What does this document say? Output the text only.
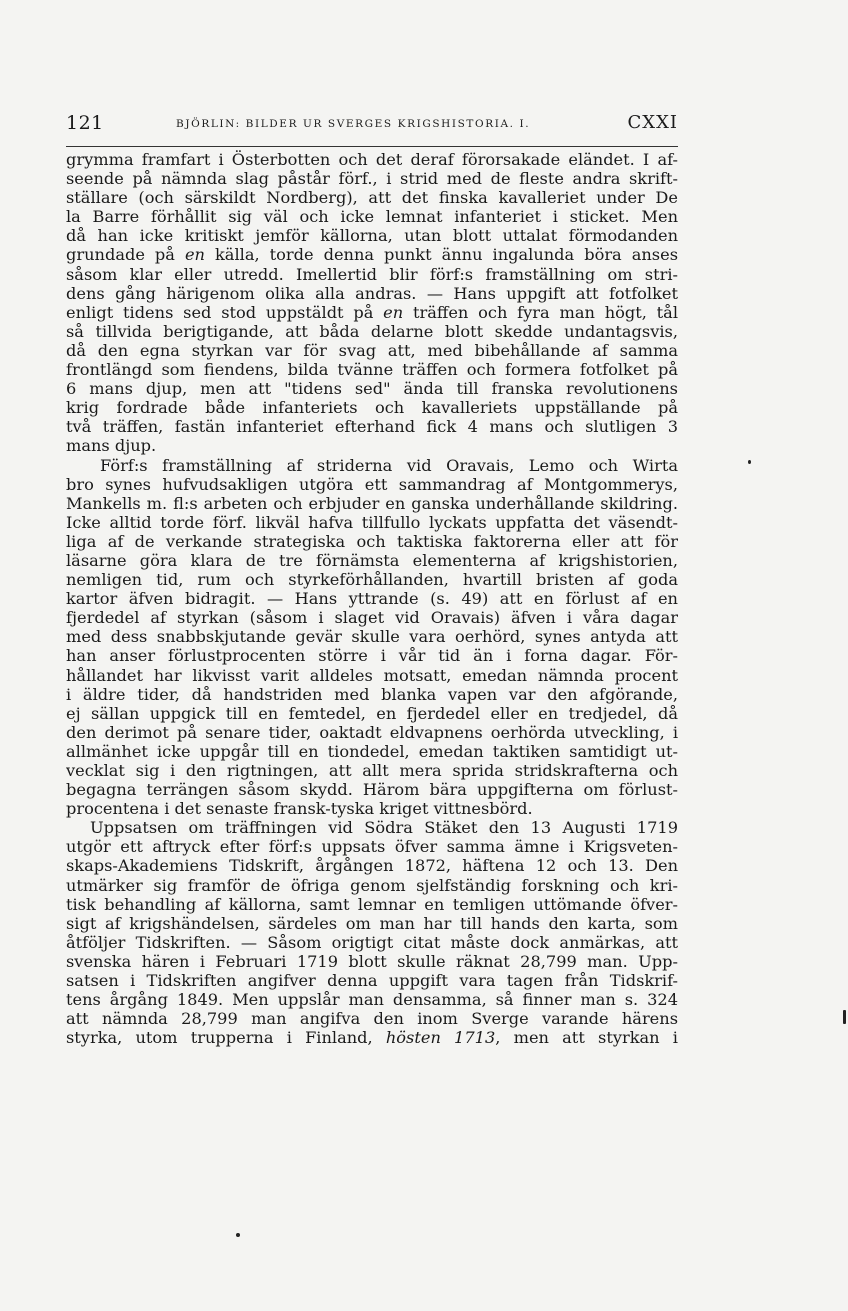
121	BJÖRLIN: BILDER UR SVERGES KRIGSHISTORIA. I.	CXXI
grymma framfart i Österbotten och det deraf förorsakade eländet. I af-
seende på nämnda slag påstår förf., i strid med de fleste andra skrift-
ställare (och särskildt Nordberg), att det finska kavalleriet under De
la Barre förhållit sig väl och icke lemnat infanteriet i sticket. Men
då han icke kritiskt jemför källorna, utan blott uttalat förmodanden
grundade på en källa, torde denna punkt ännu ingalunda böra anses
såsom klar eller utredd. Imellertid blir förf:s framställning om stri-
dens gång härigenom olika alla andras. — Hans uppgift att fotfolket
enligt tidens sed stod uppstäldt på en träffen och fyra man högt, tål
så tillvida berigtigande, att båda delarne blott skedde undantagsvis,
då den egna styrkan var för svag att, med bibehållande af samma
frontlängd som fiendens, bilda tvänne träffen och formera fotfolket på
6 mans djup, men att "tidens sed" ända till franska revolutionens
krig fordrade både infanteriets och kavalleriets uppställande på
två träffen, fastän infanteriet efterhand fick 4 mans och slutligen 3
mans djup.
Förf:s framställning af striderna vid Oravais, Lemo och Wirta
bro synes hufvudsakligen utgöra ett sammandrag af Montgommerys,
Mankells m. fl:s arbeten och erbjuder en ganska underhållande skildring.
Icke alltid torde förf. likväl hafva tillfullo lyckats uppfatta det väsendt-
liga af de verkande strategiska och taktiska faktorerna eller att för
läsarne göra klara de tre förnämsta elementerna af krigshistorien,
nemligen tid, rum och styrkeförhållanden, hvartill bristen af goda
kartor äfven bidragit. — Hans yttrande (s. 49) att en förlust af en
fjerdedel af styrkan (såsom i slaget vid Oravais) äfven i våra dagar
med dess snabbskjutande gevär skulle vara oerhörd, synes antyda att
han anser förlustprocenten större i vår tid än i forna dagar. För-
hållandet har likvisst varit alldeles motsatt, emedan nämnda procent
i äldre tider, då handstriden med blanka vapen var den afgörande,
ej sällan uppgick till en femtedel, en fjerdedel eller en tredjedel, då
den derimot på senare tider, oaktadt eldvapnens oerhörda utveckling, i
allmänhet icke uppgår till en tiondedel, emedan taktiken samtidigt ut-
vecklat sig i den rigtningen, att allt mera sprida stridskrafterna och
begagna terrängen såsom skydd. Härom bära uppgifterna om förlust-
procentena i det senaste fransk-tyska kriget vittnesbörd.
Uppsatsen om träffningen vid Södra Stäket den 13 Augusti 1719
utgör ett aftryck efter förf:s uppsats öfver samma ämne i Krigsveten-
skaps-Akademiens Tidskrift, årgången 1872, häftena 12 och 13. Den
utmärker sig framför de öfriga genom sjelfständig forskning och kri-
tisk behandling af källorna, samt lemnar en temligen uttömande öfver-
sigt af krigshändelsen, särdeles om man har till hands den karta, som
åtföljer Tidskriften. — Såsom origtigt citat måste dock anmärkas, att
svenska hären i Februari 1719 blott skulle räknat 28,799 man. Upp-
satsen i Tidskriften angifver denna uppgift vara tagen från Tidskrif-
tens årgång 1849. Men uppslår man densamma, så finner man s. 324
att nämnda 28,799 man angifva den inom Sverge varande härens
styrka, utom trupperna i Finland, hösten 1713, men att styrkan i
